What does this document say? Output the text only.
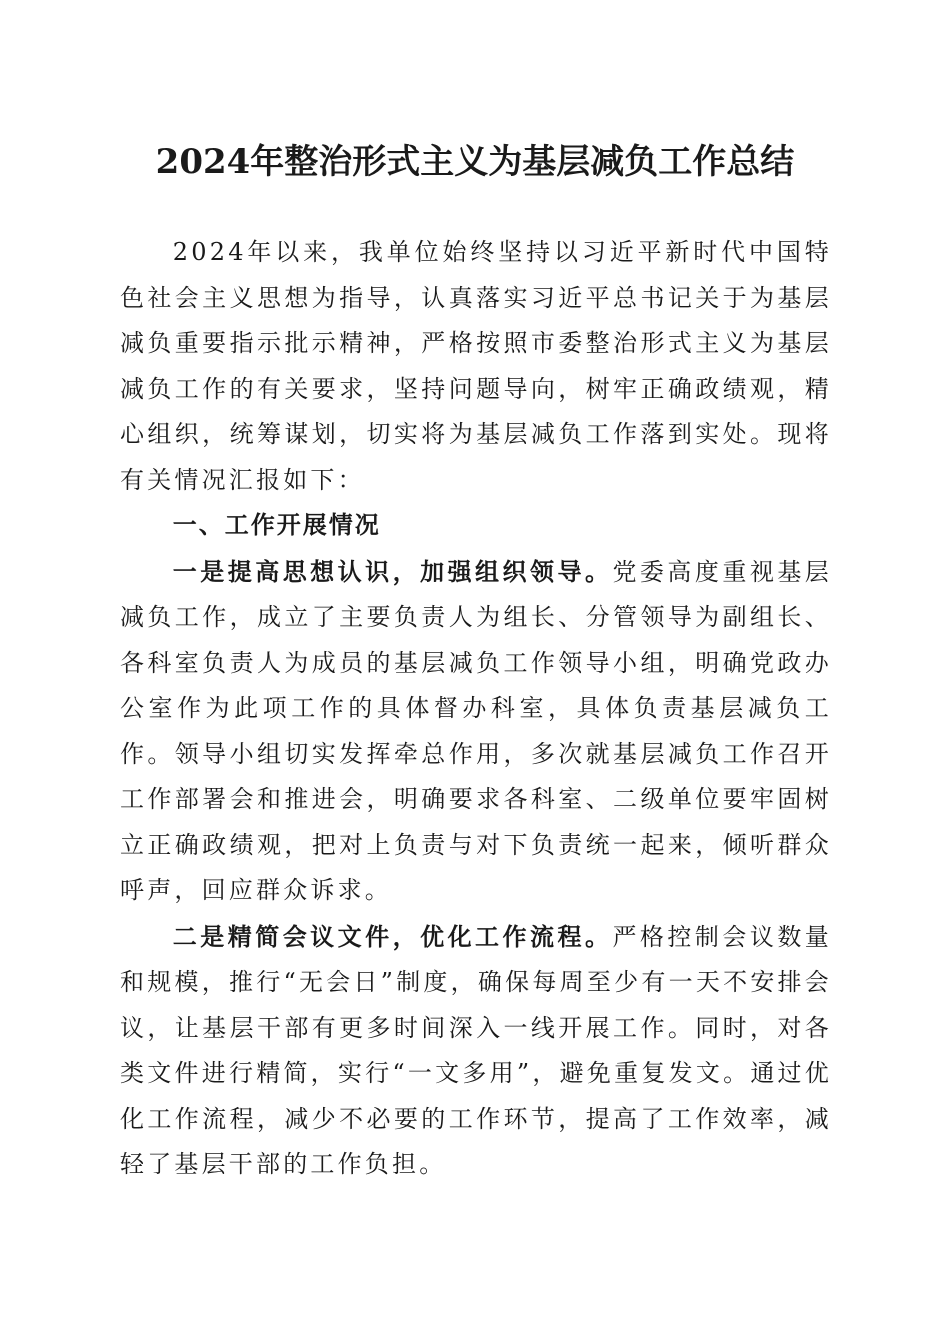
2024年整治形式主义为基层减负工作总结

2024年以来，我单位始终坚持以习近平新时代中国特色社会主义思想为指导，认真落实习近平总书记关于为基层减负重要指示批示精神，严格按照市委整治形式主义为基层减负工作的有关要求，坚持问题导向，树牢正确政绩观，精心组织，统筹谋划，切实将为基层减负工作落到实处。现将有关情况汇报如下：

一、工作开展情况

一是提高思想认识，加强组织领导。党委高度重视基层减负工作，成立了主要负责人为组长、分管领导为副组长、各科室负责人为成员的基层减负工作领导小组，明确党政办公室作为此项工作的具体督办科室，具体负责基层减负工作。领导小组切实发挥牵总作用，多次就基层减负工作召开工作部署会和推进会，明确要求各科室、二级单位要牢固树立正确政绩观，把对上负责与对下负责统一起来，倾听群众呼声，回应群众诉求。

二是精简会议文件，优化工作流程。严格控制会议数量和规模，推行“无会日”制度，确保每周至少有一天不安排会议，让基层干部有更多时间深入一线开展工作。同时，对各类文件进行精简，实行“一文多用”，避免重复发文。通过优化工作流程，减少不必要的工作环节，提高了工作效率，减轻了基层干部的工作负担。
